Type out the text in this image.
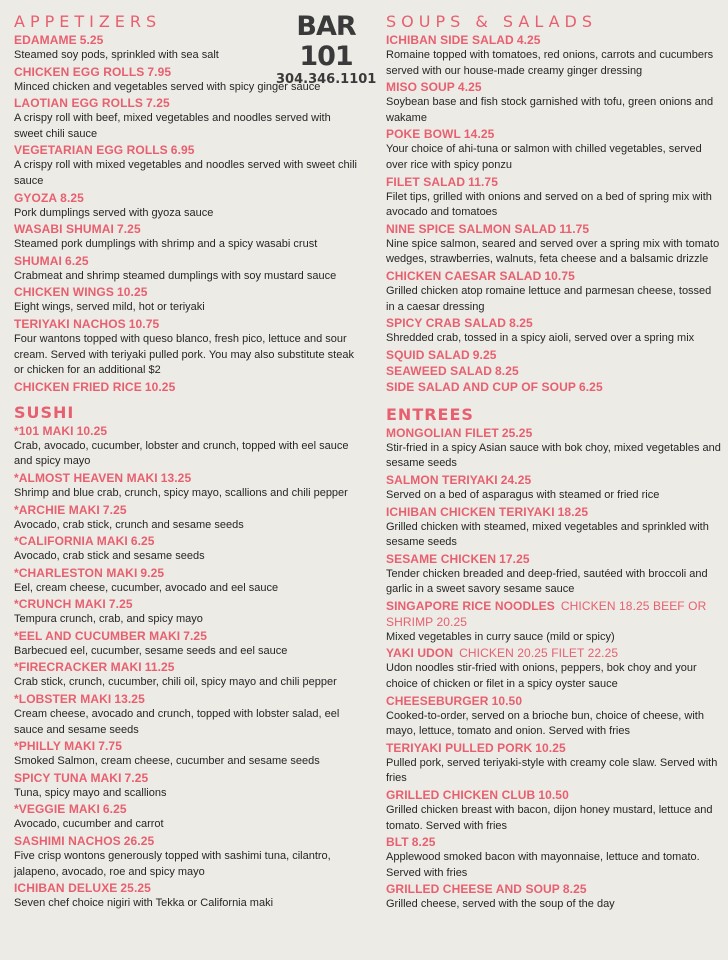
BAR 101
304.346.1101
APPETIZERS
EDAMAME 5.25
Steamed soy pods, sprinkled with sea salt
CHICKEN EGG ROLLS 7.95
Minced chicken and vegetables served with spicy ginger sauce
LAOTIAN EGG ROLLS 7.25
A crispy roll with beef, mixed vegetables and noodles served with sweet chili sauce
VEGETARIAN EGG ROLLS 6.95
A crispy roll with mixed vegetables and noodles served with sweet chili sauce
GYOZA 8.25
Pork dumplings served with gyoza sauce
WASABI SHUMAI 7.25
Steamed pork dumplings with shrimp and a spicy wasabi crust
SHUMAI 6.25
Crabmeat and shrimp steamed dumplings with soy mustard sauce
CHICKEN WINGS 10.25
Eight wings, served mild, hot or teriyaki
TERIYAKI NACHOS 10.75
Four wantons topped with queso blanco, fresh pico, lettuce and sour cream. Served with teriyaki pulled pork. You may also substitute steak or chicken for an additional $2
CHICKEN FRIED RICE 10.25
SUSHI
*101 MAKI 10.25
Crab, avocado, cucumber, lobster and crunch, topped with eel sauce and spicy mayo
*ALMOST HEAVEN MAKI 13.25
Shrimp and blue crab, crunch, spicy mayo, scallions and chili pepper
*ARCHIE MAKI 7.25
Avocado, crab stick, crunch and sesame seeds
*CALIFORNIA MAKI 6.25
Avocado, crab stick and sesame seeds
*CHARLESTON MAKI 9.25
Eel, cream cheese, cucumber, avocado and eel sauce
*CRUNCH MAKI 7.25
Tempura crunch, crab, and spicy mayo
*EEL AND CUCUMBER MAKI 7.25
Barbecued eel, cucumber, sesame seeds and eel sauce
*FIRECRACKER MAKI 11.25
Crab stick, crunch, cucumber, chili oil, spicy mayo and chili pepper
*LOBSTER MAKI 13.25
Cream cheese, avocado and crunch, topped with lobster salad, eel sauce and sesame seeds
*PHILLY MAKI 7.75
Smoked Salmon, cream cheese, cucumber and sesame seeds
SPICY TUNA MAKI 7.25
Tuna, spicy mayo and scallions
*VEGGIE MAKI 6.25
Avocado, cucumber and carrot
SASHIMI NACHOS 26.25
Five crisp wontons generously topped with sashimi tuna, cilantro, jalapeno, avocado, roe and spicy mayo
ICHIBAN DELUXE 25.25
Seven chef choice nigiri with Tekka or California maki
SOUPS & SALADS
ICHIBAN SIDE SALAD 4.25
Romaine topped with tomatoes, red onions, carrots and cucumbers served with our house-made creamy ginger dressing
MISO SOUP 4.25
Soybean base and fish stock garnished with tofu, green onions and wakame
POKE BOWL 14.25
Your choice of ahi-tuna or salmon with chilled vegetables, served over rice with spicy ponzu
FILET SALAD 11.75
Filet tips, grilled with onions and served on a bed of spring mix with avocado and tomatoes
NINE SPICE SALMON SALAD 11.75
Nine spice salmon, seared and served over a spring mix with tomato wedges, strawberries, walnuts, feta cheese and a balsamic drizzle
CHICKEN CAESAR SALAD 10.75
Grilled chicken atop romaine lettuce and parmesan cheese, tossed in a caesar dressing
SPICY CRAB SALAD 8.25
Shredded crab, tossed in a spicy aioli, served over a spring mix
SQUID SALAD 9.25
SEAWEED SALAD 8.25
SIDE SALAD AND CUP OF SOUP 6.25
ENTREES
MONGOLIAN FILET 25.25
Stir-fried in a spicy Asian sauce with bok choy, mixed vegetables and sesame seeds
SALMON TERIYAKI 24.25
Served on a bed of asparagus with steamed or fried rice
ICHIBAN CHICKEN TERIYAKI 18.25
Grilled chicken with steamed, mixed vegetables and sprinkled with sesame seeds
SESAME CHICKEN 17.25
Tender chicken breaded and deep-fried, sautéed with broccoli and garlic in a sweet savory sesame sauce
SINGAPORE RICE NOODLES CHICKEN 18.25 BEEF OR SHRIMP 20.25
Mixed vegetables in curry sauce (mild or spicy)
YAKI UDON CHICKEN 20.25 FILET 22.25
Udon noodles stir-fried with onions, peppers, bok choy and your choice of chicken or filet in a spicy oyster sauce
CHEESEBURGER 10.50
Cooked-to-order, served on a brioche bun, choice of cheese, with mayo, lettuce, tomato and onion. Served with fries
TERIYAKI PULLED PORK 10.25
Pulled pork, served teriyaki-style with creamy cole slaw. Served with fries
GRILLED CHICKEN CLUB 10.50
Grilled chicken breast with bacon, dijon honey mustard, lettuce and tomato. Served with fries
BLT 8.25
Applewood smoked bacon with mayonnaise, lettuce and tomato. Served with fries
GRILLED CHEESE AND SOUP 8.25
Grilled cheese, served with the soup of the day
